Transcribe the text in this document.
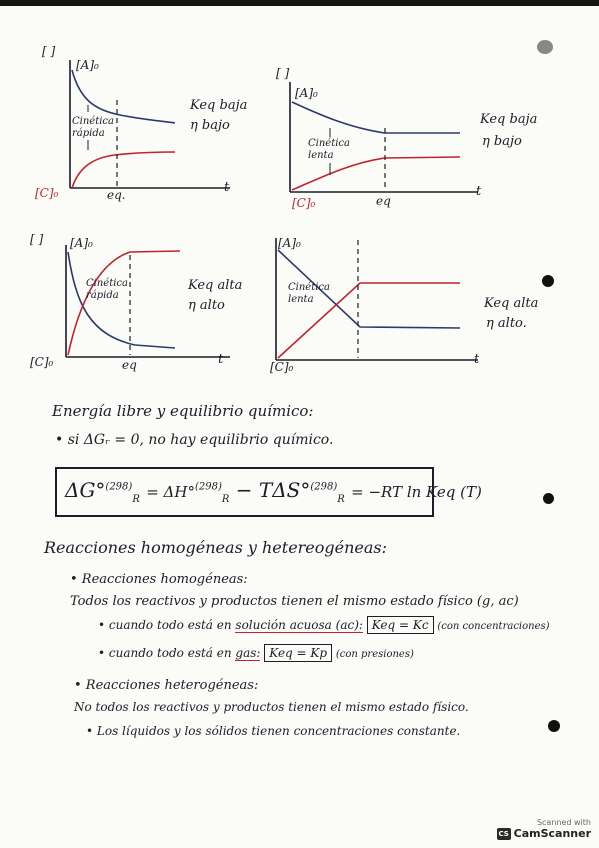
[ ]
[A]₀
Cinética rápida
Keq baja
η bajo
[C]₀	eq.	t
[ ]
[A]₀
Cinética lenta
Keq baja
η bajo
[C]₀	eq
t
[ ] [A]₀
Cinética rápida
Keq alta
η alto
[C]₀	eq	t
[A]₀
Cinética lenta	Keq alta
η alto.
[C]₀	t
Energía libre y equilibrio químico:
• si ΔGᵣ = 0, no hay equilibrio químico.
ΔG°$^{(298)}_R$ = ΔH°$^{(298)}_R$ − TΔS°$^{(298)}_R$ = −RT ln Keq (T)
Reacciones homogéneas y hetereogéneas:
• Reacciones homogéneas:
Todos los reactivos y productos tienen el mismo estado físico (g, ac)
• cuando todo está en solución acuosa (ac): Keq = Kc (con concentraciones)
• cuando todo está en gas: Keq = Kp (con presiones)
• Reacciones heterogéneas:
No todos los reactivos y productos tienen el mismo estado físico.
• Los líquidos y los sólidos tienen concentraciones constante.
Scanned with
CS CamScanner
